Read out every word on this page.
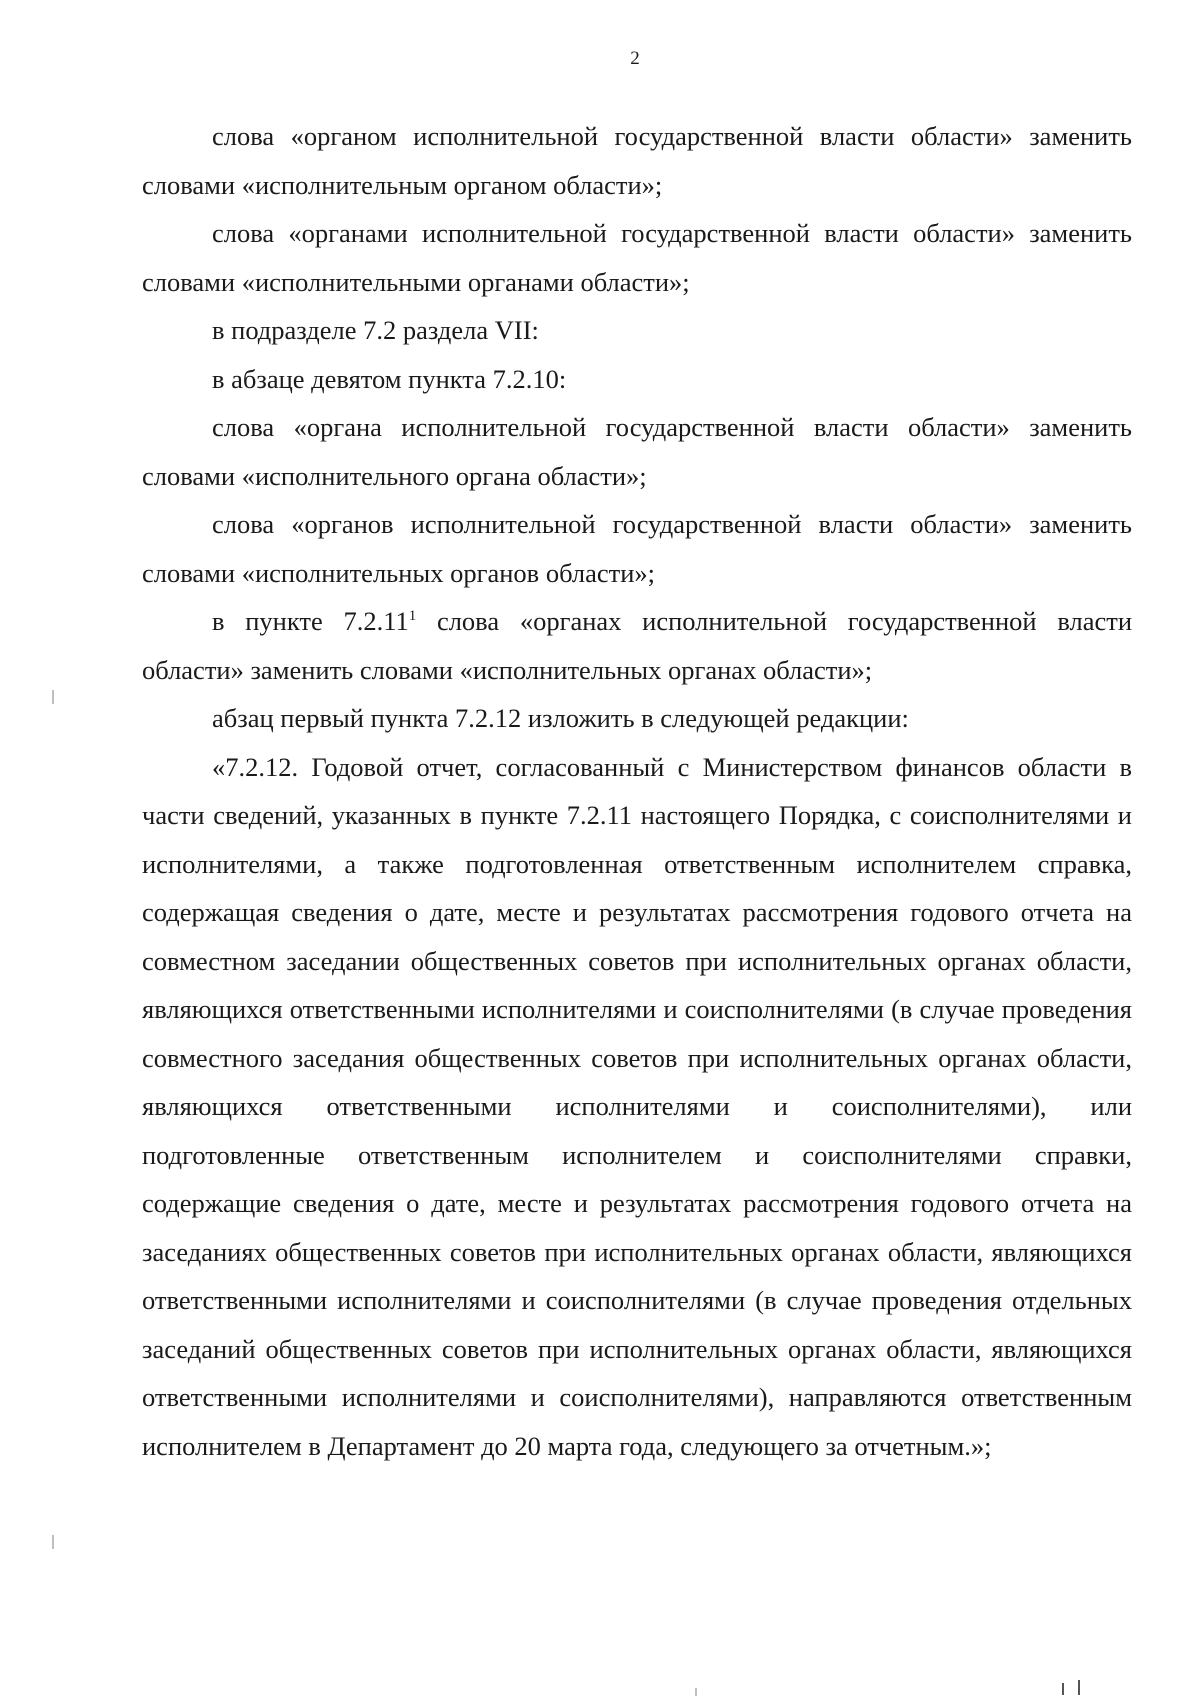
2

слова «органом исполнительной государственной власти области» заменить словами «исполнительным органом области»;

слова «органами исполнительной государственной власти области» заменить словами «исполнительными органами области»;

в подразделе 7.2 раздела VII:

в абзаце девятом пункта 7.2.10:

слова «органа исполнительной государственной власти области» заменить словами «исполнительного органа области»;

слова «органов исполнительной государственной власти области» заменить словами «исполнительных органов области»;

в пункте 7.2.11$^1$ слова «органах исполнительной государственной власти области» заменить словами «исполнительных органах области»;

абзац первый пункта 7.2.12 изложить в следующей редакции:

«7.2.12. Годовой отчет, согласованный с Министерством финансов области в части сведений, указанных в пункте 7.2.11 настоящего Порядка, с соисполнителями и исполнителями, а также подготовленная ответственным исполнителем справка, содержащая сведения о дате, месте и результатах рассмотрения годового отчета на совместном заседании общественных советов при исполнительных органах области, являющихся ответственными исполнителями и соисполнителями (в случае проведения совместного заседания общественных советов при исполнительных органах области, являющихся ответственными исполнителями и соисполнителями), или подготовленные ответственным исполнителем и соисполнителями справки, содержащие сведения о дате, месте и результатах рассмотрения годового отчета на заседаниях общественных советов при исполнительных органах области, являющихся ответственными исполнителями и соисполнителями (в случае проведения отдельных заседаний общественных советов при исполнительных органах области, являющихся ответственными исполнителями и соисполнителями), направляются ответственным исполнителем в Департамент до 20 марта года, следующего за отчетным.»;
